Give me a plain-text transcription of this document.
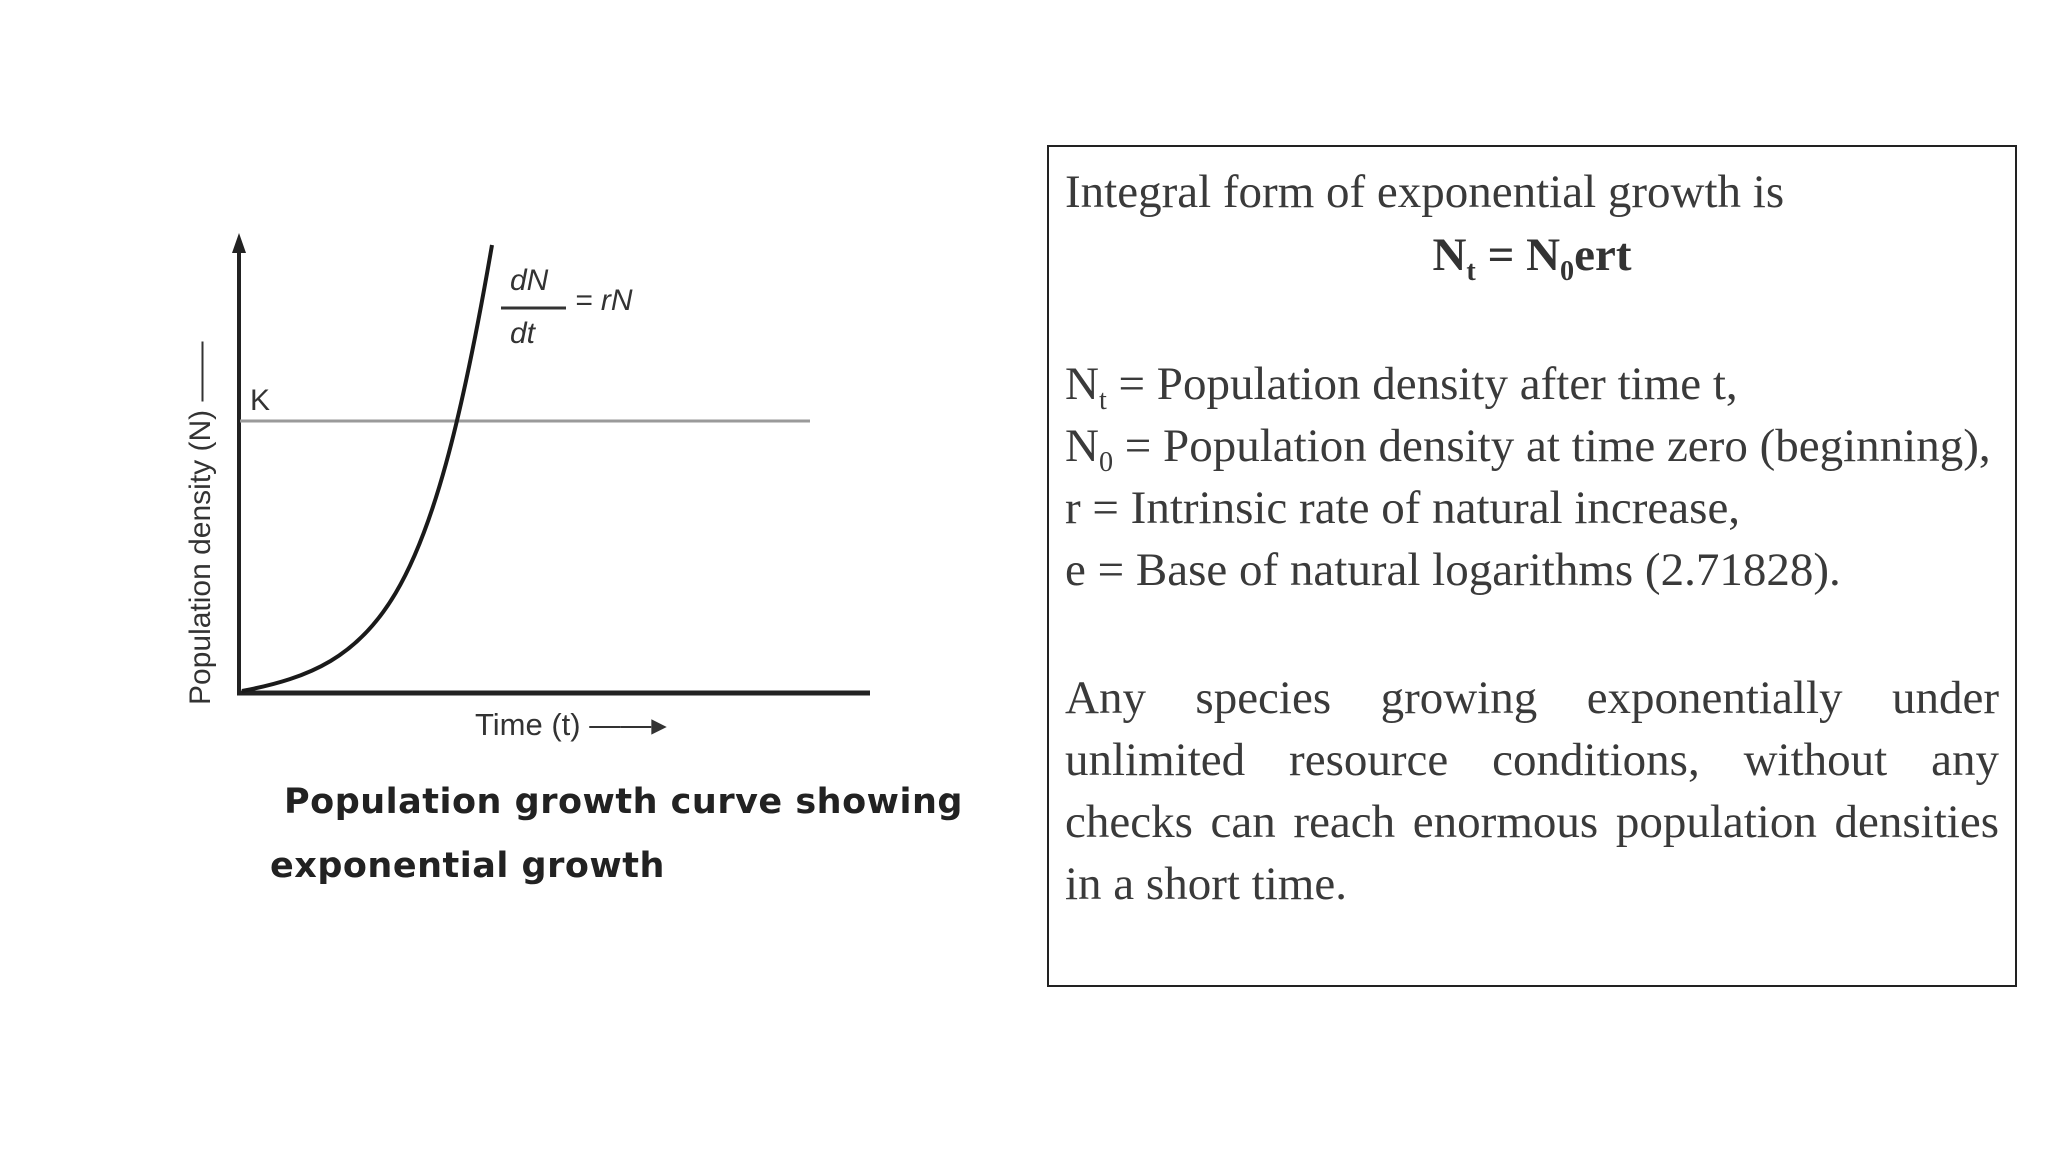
K
Population density (N) ——
dN
dt
= rN
Time (t) ——▸
Population growth curve showing
exponential growth

Integral form of exponential growth is

$N_t = N_0ert$

$N_t$ = Population density after time t,

$N_0$ = Population density at time zero (beginning),

r = Intrinsic rate of natural increase,

e = Base of natural logarithms (2.71828).

Any species growing exponentially under unlimited resource conditions, without any checks can reach enormous population densities in a short time.
